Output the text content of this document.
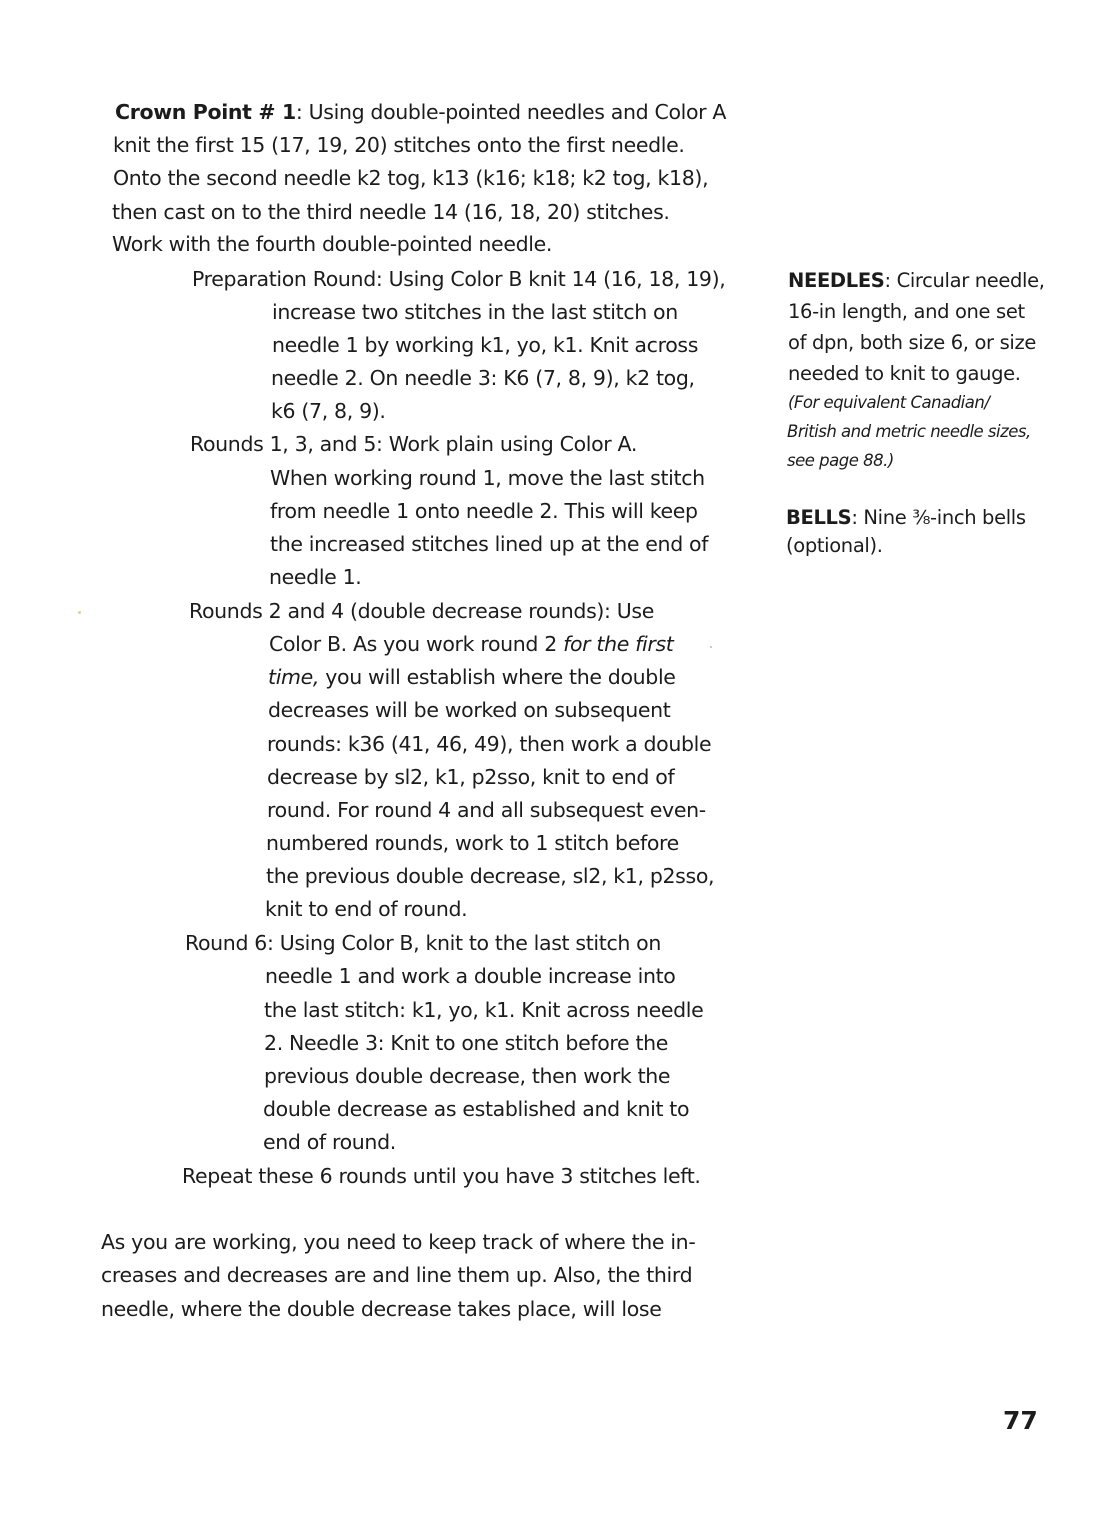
Crown Point # 1: Using double-pointed needles and Color A
knit the first 15 (17, 19, 20) stitches onto the first needle.
Onto the second needle k2 tog, k13 (k16; k18; k2 tog, k18),
then cast on to the third needle 14 (16, 18, 20) stitches.
Work with the fourth double-pointed needle.
Preparation Round: Using Color B knit 14 (16, 18, 19),
increase two stitches in the last stitch on
needle 1 by working k1, yo, k1. Knit across
needle 2. On needle 3: K6 (7, 8, 9), k2 tog,
k6 (7, 8, 9).
Rounds 1, 3, and 5: Work plain using Color A.
When working round 1, move the last stitch
from needle 1 onto needle 2. This will keep
the increased stitches lined up at the end of
needle 1.
Rounds 2 and 4 (double decrease rounds): Use
Color B. As you work round 2 for the first
time, you will establish where the double
decreases will be worked on subsequent
rounds: k36 (41, 46, 49), then work a double
decrease by sl2, k1, p2sso, knit to end of
round. For round 4 and all subsequest even-
numbered rounds, work to 1 stitch before
the previous double decrease, sl2, k1, p2sso,
knit to end of round.
Round 6: Using Color B, knit to the last stitch on
needle 1 and work a double increase into
the last stitch: k1, yo, k1. Knit across needle
2. Needle 3: Knit to one stitch before the
previous double decrease, then work the
double decrease as established and knit to
end of round.
Repeat these 6 rounds until you have 3 stitches left.
As you are working, you need to keep track of where the in-
creases and decreases are and line them up. Also, the third
needle, where the double decrease takes place, will lose
NEEDLES: Circular needle,
16-in length, and one set
of dpn, both size 6, or size
needed to knit to gauge.
(For equivalent Canadian/
British and metric needle sizes,
see page 88.)
BELLS: Nine ³⁄₈-inch bells
(optional).
77
